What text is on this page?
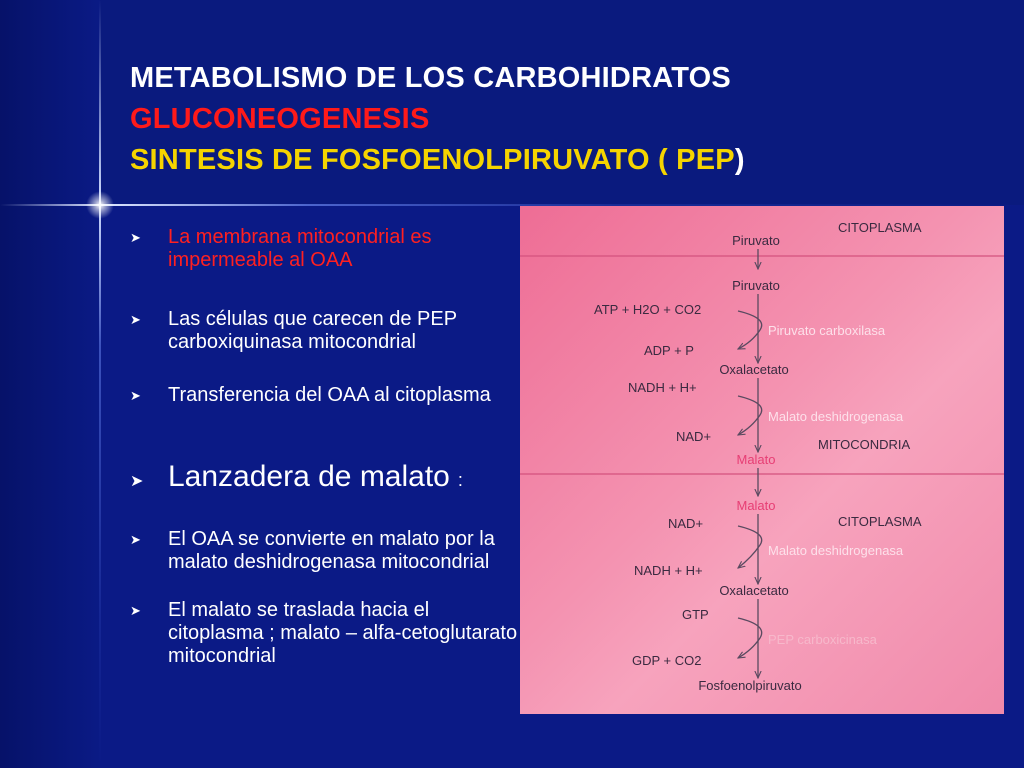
METABOLISMO DE LOS CARBOHIDRATOS
GLUCONEOGENESIS
SINTESIS DE FOSFOENOLPIRUVATO ( PEP)
➤ La membrana mitocondrial es impermeable al OAA
➤ Las células que carecen de PEP carboxiquinasa mitocondrial
➤ Transferencia del OAA al citoplasma
➤ Lanzadera de malato :
➤ El OAA se convierte en malato por la malato deshidrogenasa mitocondrial
➤ El malato se traslada hacia el citoplasma ; malato – alfa-cetoglutarato mitocondrial
CITOPLASMA
MITOCONDRIA
CITOPLASMA
Piruvato
Piruvato
Oxalacetato
Malato
Malato
Oxalacetato
Fosfoenolpiruvato
ATP + H2O + CO2
ADP + P
NADH + H+
NAD+
NAD+
NADH + H+
GTP
GDP + CO2
Piruvato carboxilasa
Malato deshidrogenasa
Malato deshidrogenasa
PEP carboxicinasa
